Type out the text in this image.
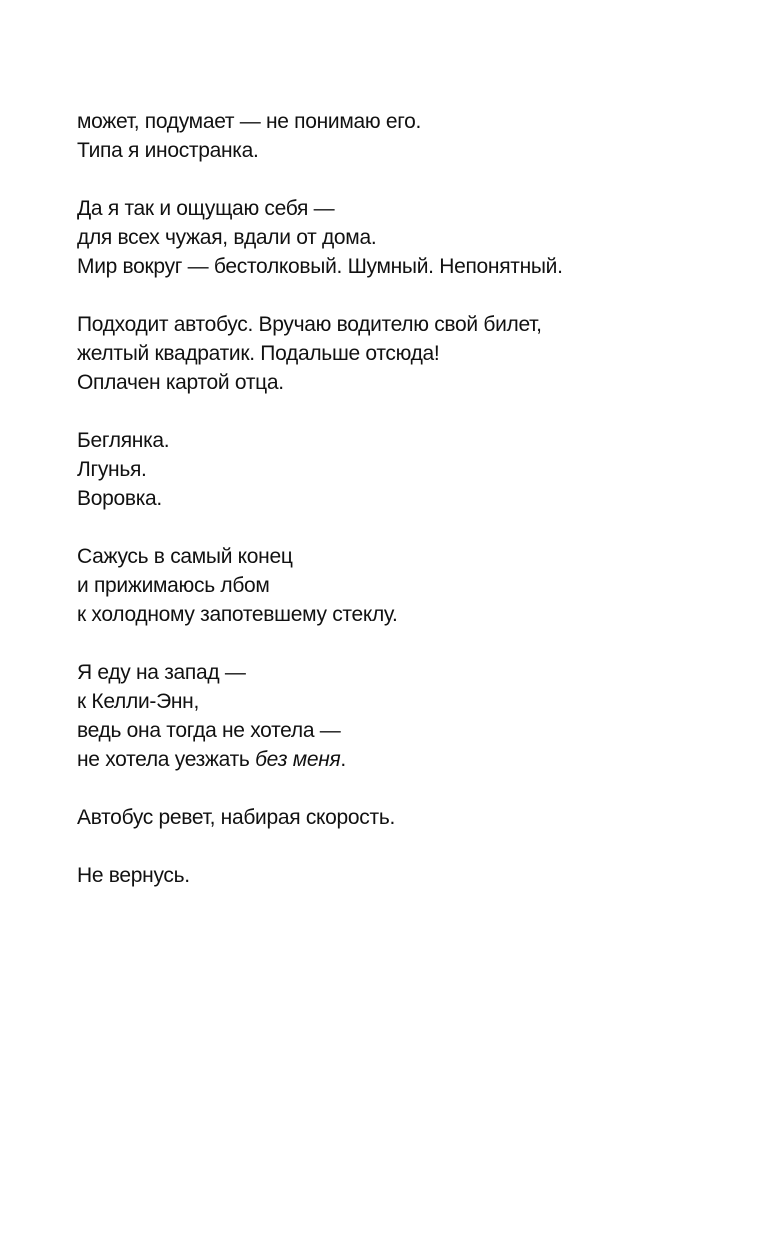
может, подумает — не понимаю его.
Типа я иностранка.

Да я так и ощущаю себя —
для всех чужая, вдали от дома.
Мир вокруг — бестолковый. Шумный. Непонятный.

Подходит автобус. Вручаю водителю свой билет,
желтый квадратик. Подальше отсюда!
Оплачен картой отца.

Беглянка.
Лгунья.
Воровка.

Сажусь в самый конец
и прижимаюсь лбом
к холодному запотевшему стеклу.

Я еду на запад —
к Келли-Энн,
ведь она тогда не хотела —
не хотела уезжать без меня.

Автобус ревет, набирая скорость.

Не вернусь.
